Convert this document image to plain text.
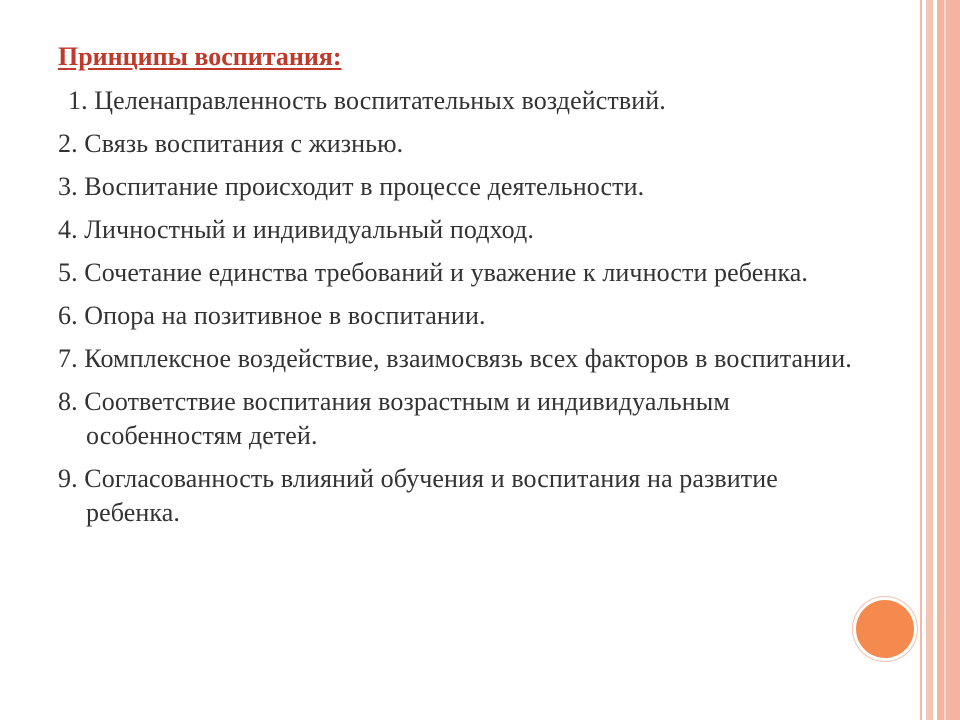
Принципы воспитания:
1. Целенаправленность воспитательных воздействий.
2. Связь воспитания с жизнью.
3. Воспитание происходит в процессе деятельности.
4. Личностный и индивидуальный подход.
5. Сочетание единства требований и уважение к личности ребенка.
6. Опора на позитивное в воспитании.
7. Комплексное воздействие, взаимосвязь всех факторов в воспитании.
8. Соответствие воспитания возрастным и индивидуальным особенностям детей.
9. Согласованность влияний обучения и воспитания на развитие ребенка.
